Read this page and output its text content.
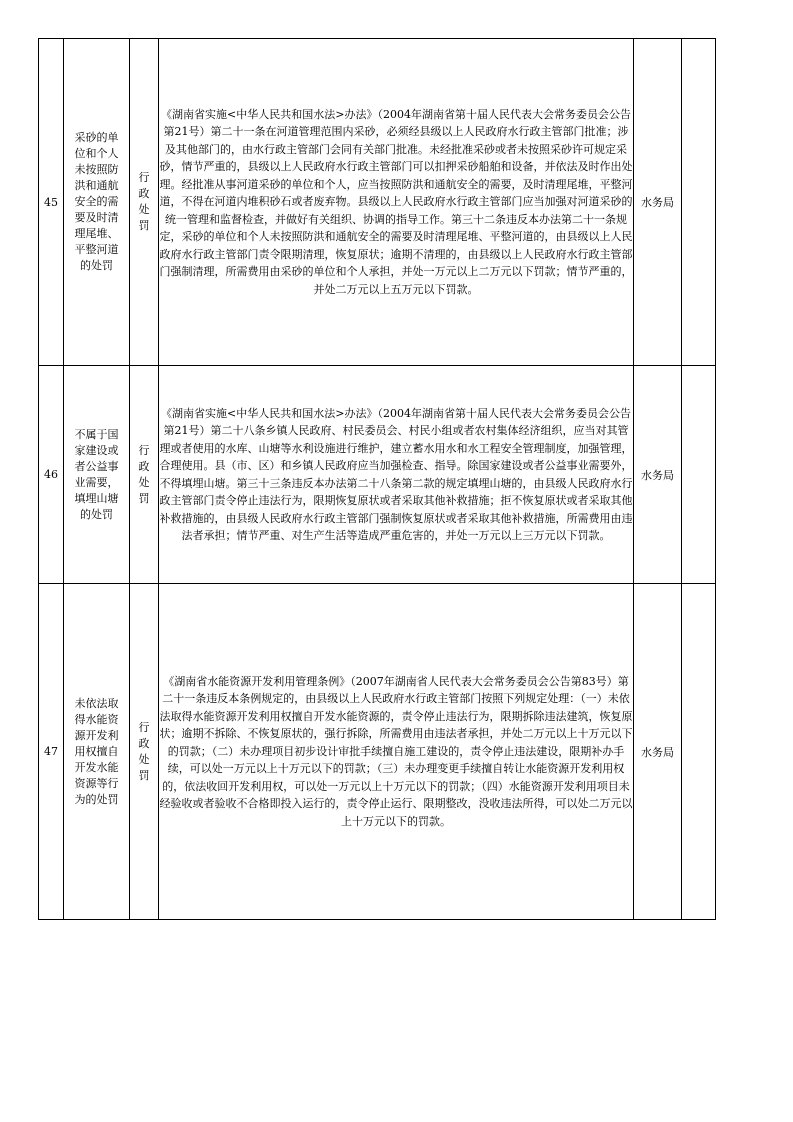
45	采砂的单位和个人未按照防洪和通航安全的需要及时清理尾堆、平整河道的处罚	行政处罚	《湖南省实施<中华人民共和国水法>办法》（2004年湖南省第十届人民代表大会常务委员会公告第21号）第二十一条在河道管理范围内采砂，必须经县级以上人民政府水行政主管部门批准；涉及其他部门的，由水行政主管部门会同有关部门批准。未经批准采砂或者未按照采砂许可规定采砂，情节严重的，县级以上人民政府水行政主管部门可以扣押采砂船舶和设备，并依法及时作出处理。经批准从事河道采砂的单位和个人，应当按照防洪和通航安全的需要，及时清理尾堆，平整河道，不得在河道内堆积砂石或者废弃物。县级以上人民政府水行政主管部门应当加强对河道采砂的统一管理和监督检查，并做好有关组织、协调的指导工作。第三十二条违反本办法第二十一条规定，采砂的单位和个人未按照防洪和通航安全的需要及时清理尾堆、平整河道的，由县级以上人民政府水行政主管部门责令限期清理，恢复原状；逾期不清理的，由县级以上人民政府水行政主管部门强制清理，所需费用由采砂的单位和个人承担，并处一万元以上二万元以下罚款；情节严重的，并处二万元以上五万元以下罚款。	水务局	
46	不属于国家建设或者公益事业需要，填埋山塘的处罚	行政处罚	《湖南省实施<中华人民共和国水法>办法》（2004年湖南省第十届人民代表大会常务委员会公告第21号）第二十八条乡镇人民政府、村民委员会、村民小组或者农村集体经济组织，应当对其管理或者使用的水库、山塘等水利设施进行维护，建立蓄水用水和水工程安全管理制度，加强管理，合理使用。县（市、区）和乡镇人民政府应当加强检查、指导。除国家建设或者公益事业需要外，不得填埋山塘。第三十三条违反本办法第二十八条第二款的规定填埋山塘的，由县级人民政府水行政主管部门责令停止违法行为，限期恢复原状或者采取其他补救措施；拒不恢复原状或者采取其他补救措施的，由县级人民政府水行政主管部门强制恢复原状或者采取其他补救措施，所需费用由违法者承担；情节严重、对生产生活等造成严重危害的，并处一万元以上三万元以下罚款。	水务局	
47	未依法取得水能资源开发利用权擅自开发水能资源等行为的处罚	行政处罚	《湖南省水能资源开发利用管理条例》（2007年湖南省人民代表大会常务委员会公告第83号）第二十一条违反本条例规定的，由县级以上人民政府水行政主管部门按照下列规定处理：（一）未依法取得水能资源开发利用权擅自开发水能资源的，责令停止违法行为，限期拆除违法建筑，恢复原状；逾期不拆除、不恢复原状的，强行拆除，所需费用由违法者承担，并处二万元以上十万元以下的罚款；（二）未办理项目初步设计审批手续擅自施工建设的，责令停止违法建设，限期补办手续，可以处一万元以上十万元以下的罚款；（三）未办理变更手续擅自转让水能资源开发利用权的，依法收回开发利用权，可以处一万元以上十万元以下的罚款；（四）水能资源开发利用项目未经验收或者验收不合格即投入运行的，责令停止运行、限期整改，没收违法所得，可以处二万元以上十万元以下的罚款。	水务局	
